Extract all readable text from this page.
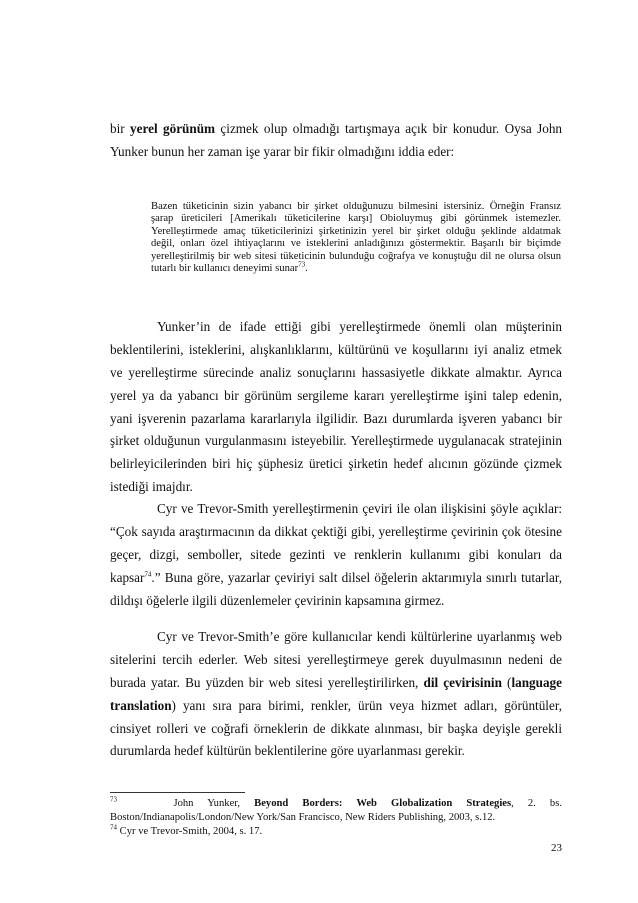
bir yerel görünüm çizmek olup olmadığı tartışmaya açık bir konudur. Oysa John
Yunker bunun her zaman işe yarar bir fikir olmadığını iddia eder:
Bazen tüketicinin sizin yabancı bir şirket olduğunuzu bilmesini istersiniz. Örneğin Fransız
şarap üreticileri [Amerikalı tüketicilerine karşı] Obioluymuş gibi görünmek istemezler.
Yerelleştirmede amaç tüketicilerinizi şirketinizin yerel bir şirket olduğu şeklinde aldatmak
değil, onları özel ihtiyaçlarını ve isteklerini anladığınızı göstermektir. Başarılı bir biçimde
yerelleştirilmiş bir web sitesi tüketicinin bulunduğu coğrafya ve konuştuğu dil ne olursa olsun
tutarlı bir kullanıcı deneyimi sunar$^{73}$.
Yunker’in de ifade ettiği gibi yerelleştirmede önemli olan müşterinin
beklentilerini, isteklerini, alışkanlıklarını, kültürünü ve koşullarını iyi analiz etmek
ve yerelleştirme sürecinde analiz sonuçlarını hassasiyetle dikkate almaktır. Ayrıca
yerel ya da yabancı bir görünüm sergileme kararı yerelleştirme işini talep edenin,
yani işverenin pazarlama kararlarıyla ilgilidir. Bazı durumlarda işveren yabancı bir
şirket olduğunun vurgulanmasını isteyebilir. Yerelleştirmede uygulanacak stratejinin
belirleyicilerinden biri hiç şüphesiz üretici şirketin hedef alıcının gözünde çizmek
istediği imajdır.
Cyr ve Trevor-Smith yerelleştirmenin çeviri ile olan ilişkisini şöyle açıklar:
“Çok sayıda araştırmacının da dikkat çektiği gibi, yerelleştirme çevirinin çok ötesine
geçer, dizgi, semboller, sitede gezinti ve renklerin kullanımı gibi konuları da
kapsar$^{74}$.” Buna göre, yazarlar çeviriyi salt dilsel öğelerin aktarımıyla sınırlı tutarlar,
dildışı öğelerle ilgili düzenlemeler çevirinin kapsamına girmez.
Cyr ve Trevor-Smith’e göre kullanıcılar kendi kültürlerine uyarlanmış web
sitelerini tercih ederler. Web sitesi yerelleştirmeye gerek duyulmasının nedeni de
burada yatar. Bu yüzden bir web sitesi yerelleştirilirken, dil çevirisinin (language
translation) yanı sıra para birimi, renkler, ürün veya hizmet adları, görüntüler,
cinsiyet rolleri ve coğrafi örneklerin de dikkate alınması, bir başka deyişle gerekli
durumlarda hedef kültürün beklentilerine göre uyarlanması gerekir.
$^{73}$	John Yunker, Beyond Borders: Web Globalization Strategies, 2. bs.
Boston/Indianapolis/London/New York/San Francisco, New Riders Publishing, 2003, s.12.
$^{74}$ Cyr ve Trevor-Smith, 2004, s. 17.
23
